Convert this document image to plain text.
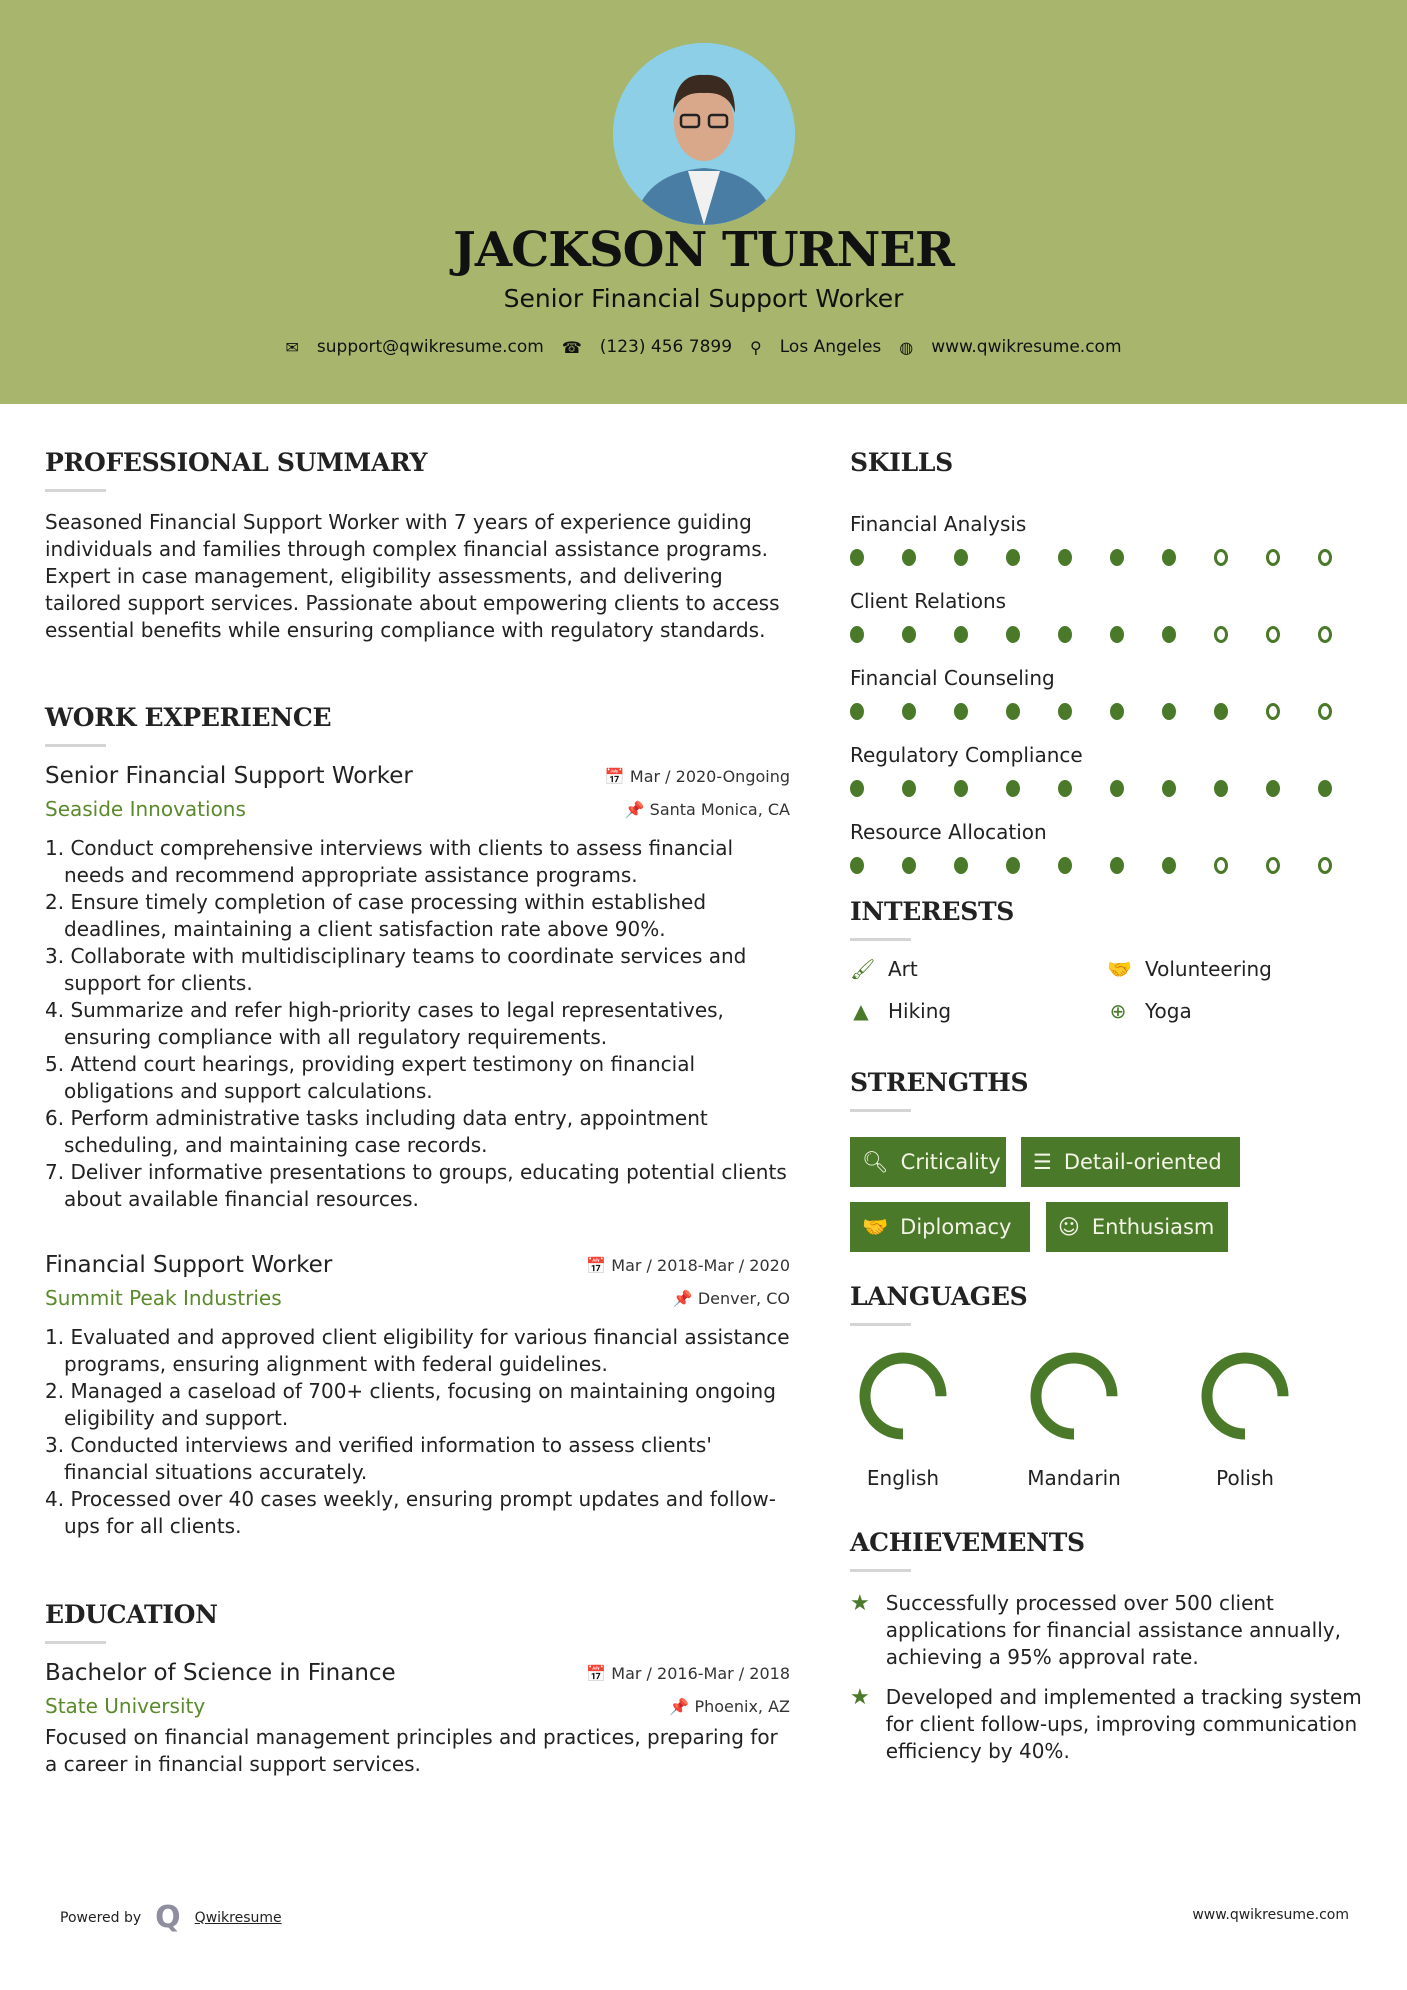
JACKSON TURNER
Senior Financial Support Worker
✉ support@qwikresume.com ☎ (123) 456 7899 ⚲ Los Angeles ◍ www.qwikresume.com
PROFESSIONAL SUMMARY

Seasoned Financial Support Worker with 7 years of experience guiding individuals and families through complex financial assistance programs. Expert in case management, eligibility assessments, and delivering tailored support services. Passionate about empowering clients to access essential benefits while ensuring compliance with regulatory standards.

WORK EXPERIENCE
Senior Financial Support Worker	📅 Mar / 2020-Ongoing
Seaside Innovations	📌 Santa Monica, CA
1. Conduct comprehensive interviews with clients to assess financial needs and recommend appropriate assistance programs.
2. Ensure timely completion of case processing within established deadlines, maintaining a client satisfaction rate above 90%.
3. Collaborate with multidisciplinary teams to coordinate services and support for clients.
4. Summarize and refer high-priority cases to legal representatives, ensuring compliance with all regulatory requirements.
5. Attend court hearings, providing expert testimony on financial obligations and support calculations.
6. Perform administrative tasks including data entry, appointment scheduling, and maintaining case records.
7. Deliver informative presentations to groups, educating potential clients about available financial resources.
Financial Support Worker	📅 Mar / 2018-Mar / 2020
Summit Peak Industries	📌 Denver, CO
1. Evaluated and approved client eligibility for various financial assistance programs, ensuring alignment with federal guidelines.
2. Managed a caseload of 700+ clients, focusing on maintaining ongoing eligibility and support.
3. Conducted interviews and verified information to assess clients' financial situations accurately.
4. Processed over 40 cases weekly, ensuring prompt updates and follow-ups for all clients.
EDUCATION
Bachelor of Science in Finance	📅 Mar / 2016-Mar / 2018
State University	📌 Phoenix, AZ

Focused on financial management principles and practices, preparing for a career in financial support services.

SKILLS
Financial Analysis
Client Relations
Financial Counseling
Regulatory Compliance
Resource Allocation
INTERESTS
🖌 Art	🤝 Volunteering
▲ Hiking	⊕ Yoga
STRENGTHS
🔍︎ Criticality ☰ Detail-oriented
🤝 Diplomacy ☺ Enthusiasm
LANGUAGES
English	Mandarin	Polish
ACHIEVEMENTS
★ Successfully processed over 500 client applications for financial assistance annually, achieving a 95% approval rate.
★ Developed and implemented a tracking system for client follow-ups, improving communication efficiency by 40%.
Powered by Q Qwikresume	www.qwikresume.com
